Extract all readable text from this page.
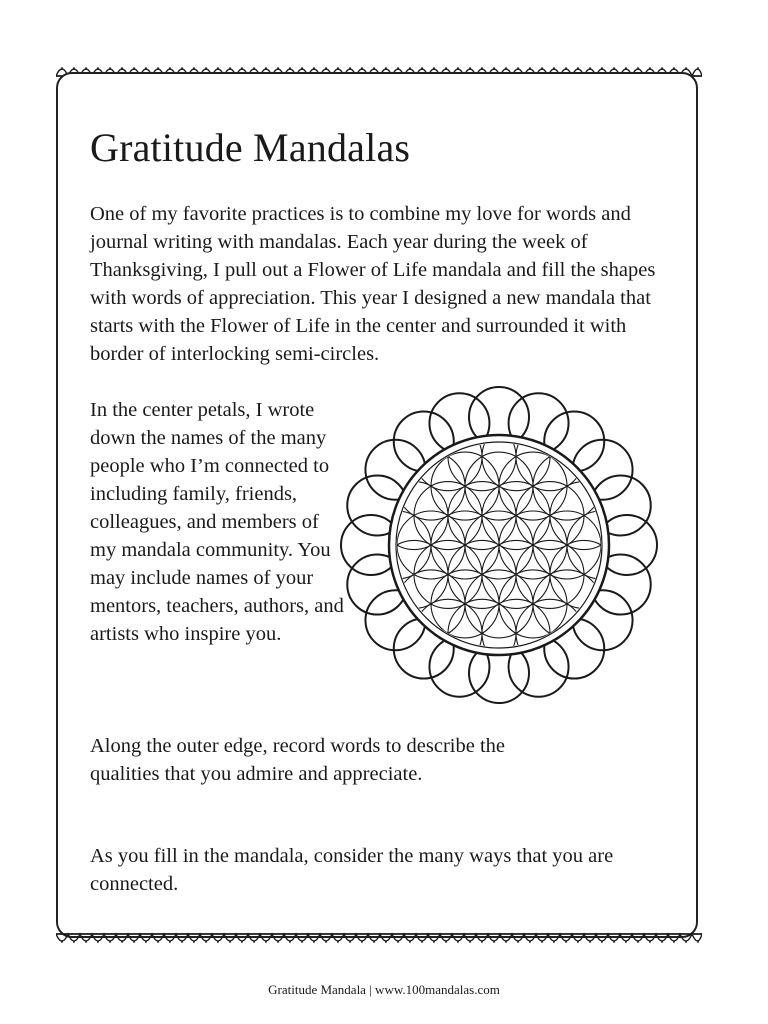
Gratitude Mandalas

One of my favorite practices is to combine my love for words and journal writing with mandalas. Each year during the week of Thanksgiving, I pull out a Flower of Life mandala and fill the shapes with words of appreciation. This year I designed a new mandala that starts with the Flower of Life in the center and surrounded it with border of interlocking semi-circles.

In the center petals, I wrote down the names of the many people who I’m connected to including family, friends, colleagues, and members of my mandala community. You may include names of your mentors, teachers, authors, and artists who inspire you.

Along the outer edge, record words to describe the qualities that you admire and appreciate.

As you fill in the mandala, consider the many ways that you are connected.

Gratitude Mandala | www.100mandalas.com
